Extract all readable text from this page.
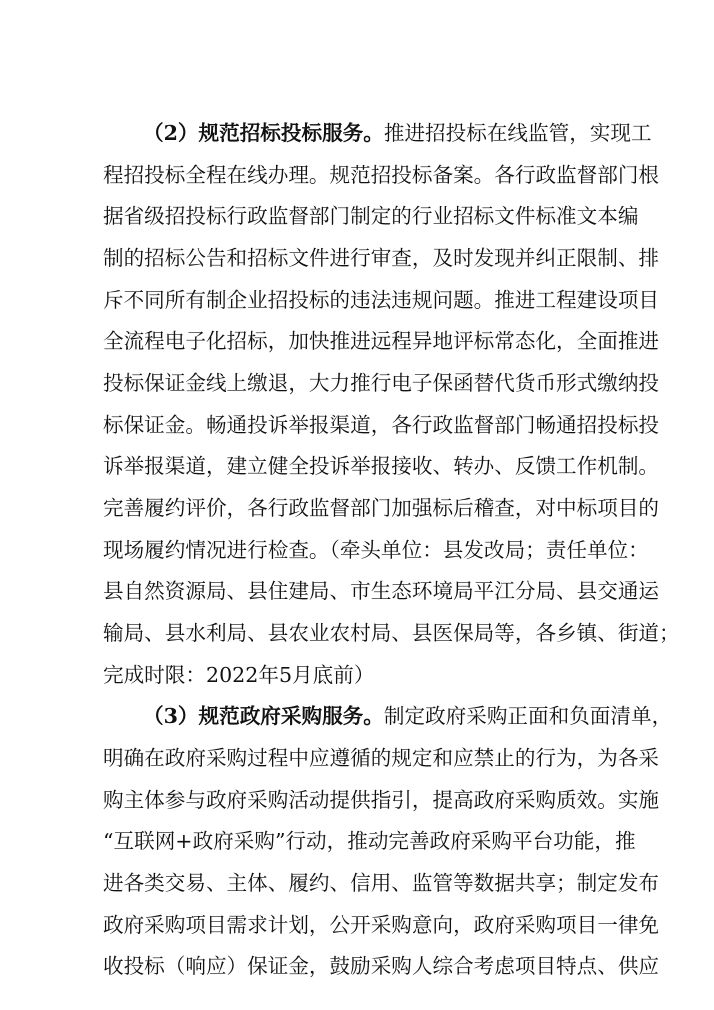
（2）规范招标投标服务。推进招投标在线监管，实现工
程招投标全程在线办理。规范招投标备案。各行政监督部门根
据省级招投标行政监督部门制定的行业招标文件标准文本编
制的招标公告和招标文件进行审查，及时发现并纠正限制、排
斥不同所有制企业招投标的违法违规问题。推进工程建设项目
全流程电子化招标，加快推进远程异地评标常态化，全面推进
投标保证金线上缴退，大力推行电子保函替代货币形式缴纳投
标保证金。畅通投诉举报渠道，各行政监督部门畅通招投标投
诉举报渠道，建立健全投诉举报接收、转办、反馈工作机制。
完善履约评价，各行政监督部门加强标后稽查，对中标项目的
现场履约情况进行检查。（牵头单位：县发改局；责任单位：
县自然资源局、县住建局、市生态环境局平江分局、县交通运
输局、县水利局、县农业农村局、县医保局等，各乡镇、街道；
完成时限：2022年5月底前）
（3）规范政府采购服务。制定政府采购正面和负面清单，
明确在政府采购过程中应遵循的规定和应禁止的行为，为各采
购主体参与政府采购活动提供指引，提高政府采购质效。实施
“互联网+政府采购”行动，推动完善政府采购平台功能，推
进各类交易、主体、履约、信用、监管等数据共享；制定发布
政府采购项目需求计划，公开采购意向，政府采购项目一律免
收投标（响应）保证金，鼓励采购人综合考虑项目特点、供应
